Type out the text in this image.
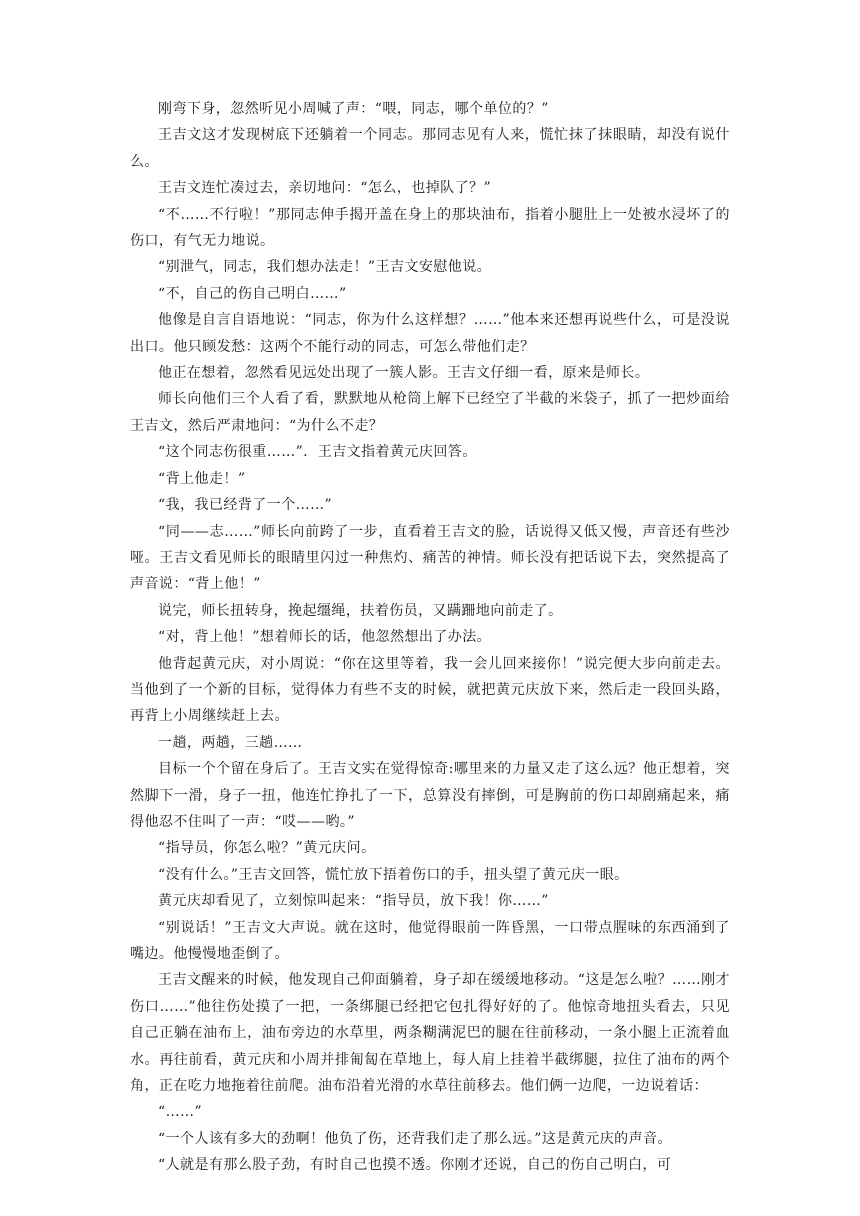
刚弯下身，忽然听见小周喊了声：“喂，同志，哪个单位的？”

王吉文这才发现树底下还躺着一个同志。那同志见有人来，慌忙抹了抹眼睛，却没有说什么。

王吉文连忙凑过去，亲切地问：“怎么，也掉队了？”

“不……不行啦！”那同志伸手揭开盖在身上的那块油布，指着小腿肚上一处被水浸坏了的伤口，有气无力地说。

“别泄气，同志，我们想办法走！”王吉文安慰他说。

“不，自己的伤自己明白……”

他像是自言自语地说：“同志，你为什么这样想？……”他本来还想再说些什么，可是没说出口。他只顾发愁：这两个不能行动的同志，可怎么带他们走？

他正在想着，忽然看见远处出现了一簇人影。王吉文仔细一看，原来是师长。

师长向他们三个人看了看，默默地从枪筒上解下已经空了半截的米袋子，抓了一把炒面给王吉文，然后严肃地问：“为什么不走？

“这个同志伤很重……”．王吉文指着黄元庆回答。

“背上他走！”

“我，我已经背了一个……”

“同——志……”师长向前跨了一步，直看着王吉文的脸，话说得又低又慢，声音还有些沙哑。王吉文看见师长的眼睛里闪过一种焦灼、痛苦的神情。师长没有把话说下去，突然提高了声音说：“背上他！”

说完，师长扭转身，挽起缰绳，扶着伤员，又蹒跚地向前走了。

“对，背上他！”想着师长的话，他忽然想出了办法。

他背起黄元庆，对小周说：“你在这里等着，我一会儿回来接你！”说完便大步向前走去。当他到了一个新的目标，觉得体力有些不支的时候，就把黄元庆放下来，然后走一段回头路，再背上小周继续赶上去。

一趟，两趟，三趟……

目标一个个留在身后了。王吉文实在觉得惊奇:哪里来的力量又走了这么远？他正想着，突然脚下一滑，身子一扭，他连忙挣扎了一下，总算没有摔倒，可是胸前的伤口却剧痛起来，痛得他忍不住叫了一声：“哎——哟。”

“指导员，你怎么啦？”黄元庆问。

“没有什么。”王吉文回答，慌忙放下捂着伤口的手，扭头望了黄元庆一眼。

黄元庆却看见了，立刻惊叫起来：“指导员，放下我！你……”

“别说话！”王吉文大声说。就在这时，他觉得眼前一阵昏黑，一口带点腥味的东西涌到了嘴边。他慢慢地歪倒了。

王吉文醒来的时候，他发现自己仰面躺着，身子却在缓缓地移动。“这是怎么啦？……刚才伤口……”他往伤处摸了一把，一条绑腿已经把它包扎得好好的了。他惊奇地扭头看去，只见自己正躺在油布上，油布旁边的水草里，两条糊满泥巴的腿在往前移动，一条小腿上正流着血水。再往前看，黄元庆和小周并排匍匐在草地上，每人肩上挂着半截绑腿，拉住了油布的两个角，正在吃力地拖着往前爬。油布沿着光滑的水草往前移去。他们俩一边爬，一边说着话：

“……”

“一个人该有多大的劲啊！他负了伤，还背我们走了那么远。”这是黄元庆的声音。

“人就是有那么股子劲，有时自己也摸不透。你刚才还说，自己的伤自己明白，可
